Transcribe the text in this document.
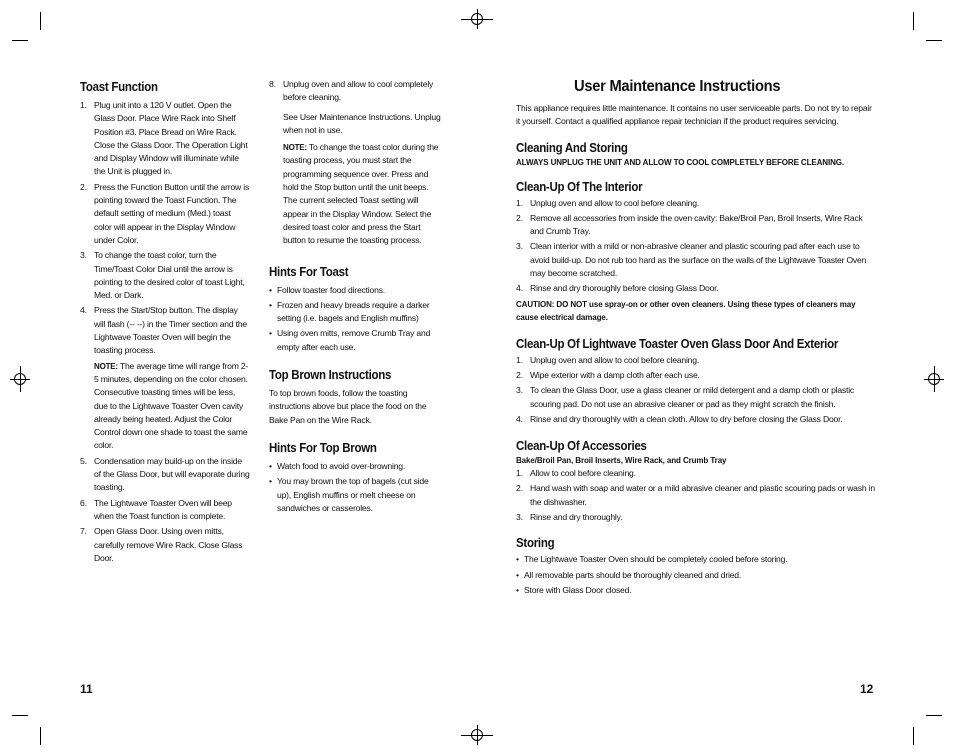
Toast Function
1. Plug unit into a 120 V outlet. Open the Glass Door. Place Wire Rack into Shelf Position #3. Place Bread on Wire Rack. Close the Glass Door. The Operation Light and Display Window will illuminate while the Unit is plugged in.
2. Press the Function Button until the arrow is pointing toward the Toast Function. The default setting of medium (Med.) toast color will appear in the Display Window under Color.
3. To change the toast color, turn the Time/Toast Color Dial until the arrow is pointing to the desired color of toast Light, Med. or Dark.
4. Press the Start/Stop button. The display will flash (-- --) in the Timer section and the Lightwave Toaster Oven will begin the toasting process.
NOTE: The average time will range from 2-5 minutes, depending on the color chosen. Consecutive toasting times will be less, due to the Lightwave Toaster Oven cavity already being heated. Adjust the Color Control down one shade to toast the same color.
5. Condensation may build-up on the inside of the Glass Door, but will evaporate during toasting.
6. The Lightwave Toaster Oven will beep when the Toast function is complete.
7. Open Glass Door. Using oven mitts, carefully remove Wire Rack. Close Glass Door.
8. Unplug oven and allow to cool completely before cleaning.
See User Maintenance Instructions. Unplug when not in use.
NOTE: To change the toast color during the toasting process, you must start the programming sequence over. Press and hold the Stop button until the unit beeps. The current selected Toast setting will appear in the Display Window. Select the desired toast color and press the Start button to resume the toasting process.
Hints For Toast
• Follow toaster food directions.
• Frozen and heavy breads require a darker setting (i.e. bagels and English muffins)
• Using oven mitts, remove Crumb Tray and empty after each use.
Top Brown Instructions
To top brown foods, follow the toasting instructions above but place the food on the Bake Pan on the Wire Rack.
Hints For Top Brown
• Watch food to avoid over-browning.
• You may brown the top of bagels (cut side up), English muffins or melt cheese on sandwiches or casseroles.
11
User Maintenance Instructions
This appliance requires little maintenance. It contains no user serviceable parts. Do not try to repair it yourself. Contact a qualified appliance repair technician if the product requires servicing.
Cleaning And Storing
ALWAYS UNPLUG THE UNIT AND ALLOW TO COOL COMPLETELY BEFORE CLEANING.
Clean-Up Of The Interior
1. Unplug oven and allow to cool before cleaning.
2. Remove all accessories from inside the oven cavity: Bake/Broil Pan, Broil Inserts, Wire Rack and Crumb Tray.
3. Clean interior with a mild or non-abrasive cleaner and plastic scouring pad after each use to avoid build-up. Do not rub too hard as the surface on the walls of the Lightwave Toaster Oven may become scratched.
4. Rinse and dry thoroughly before closing Glass Door.
CAUTION: DO NOT use spray-on or other oven cleaners. Using these types of cleaners may cause electrical damage.
Clean-Up Of Lightwave Toaster Oven Glass Door And Exterior
1. Unplug oven and allow to cool before cleaning.
2. Wipe exterior with a damp cloth after each use.
3. To clean the Glass Door, use a glass cleaner or mild detergent and a damp cloth or plastic scouring pad. Do not use an abrasive cleaner or pad as they might scratch the finish.
4. Rinse and dry thoroughly with a clean cloth. Allow to dry before closing the Glass Door.
Clean-Up Of Accessories
Bake/Broil Pan, Broil Inserts, Wire Rack, and Crumb Tray
1. Allow to cool before cleaning.
2. Hand wash with soap and water or a mild abrasive cleaner and plastic scouring pads or wash in the dishwasher.
3. Rinse and dry thoroughly.
Storing
• The Lightwave Toaster Oven should be completely cooled before storing.
• All removable parts should be thoroughly cleaned and dried.
• Store with Glass Door closed.
12
